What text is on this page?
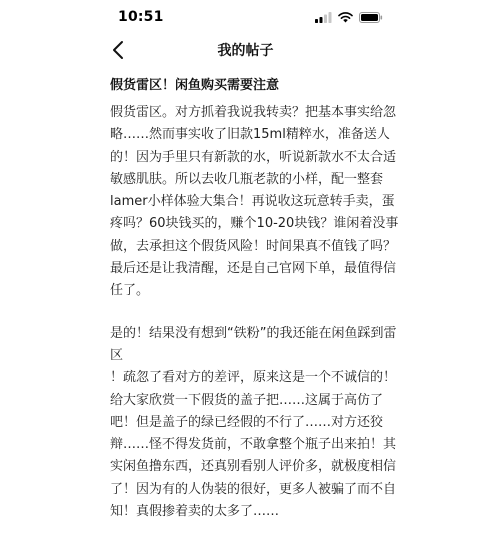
10:51
我的帖子
假货雷区！闲鱼购买需要注意

假货雷区。对方抓着我说我转卖？把基本事实给忽
略……然而事实收了旧款15ml精粹水，准备送人
的！因为手里只有新款的水，听说新款水不太合适
敏感肌肤。所以去收几瓶老款的小样，配一整套
lamer小样体验大集合！再说收这玩意转手卖，蛋
疼吗？60块钱买的，赚个10-20块钱？谁闲着没事
做，去承担这个假货风险！时间果真不值钱了吗？
最后还是让我清醒，还是自己官网下单，最值得信
任了。

是的！结果没有想到“铁粉”的我还能在闲鱼踩到雷
区
！疏忽了看对方的差评，原来这是一个不诚信的！
给大家欣赏一下假货的盖子把……这属于高仿了
吧！但是盖子的绿已经假的不行了……对方还狡
辩……怪不得发货前，不敢拿整个瓶子出来拍！其
实闲鱼撸东西，还真别看别人评价多，就极度相信
了！因为有的人伪装的很好，更多人被骗了而不自
知！真假掺着卖的太多了……
